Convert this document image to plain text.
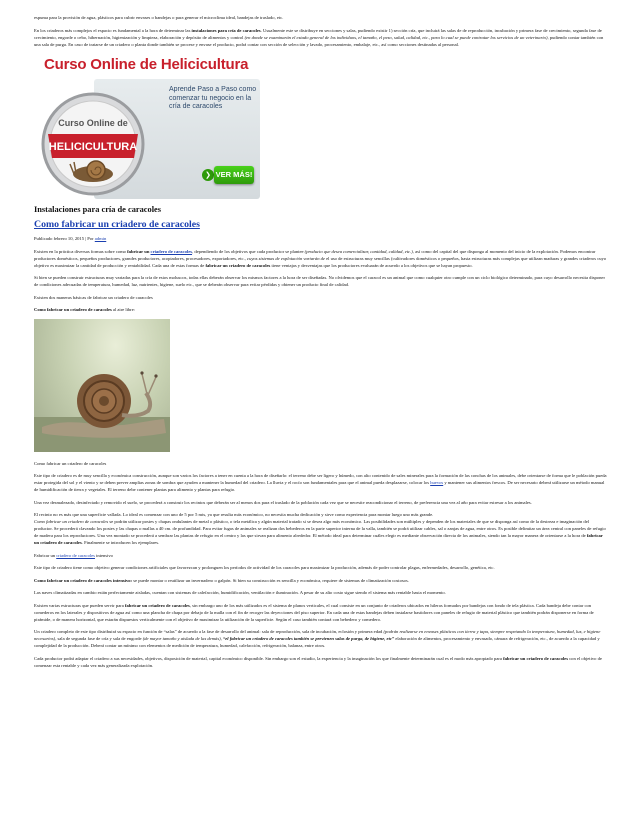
espuma para la provisión de agua, plásticos para cubrir envases o bandejas o para generar el microclima ideal, bandejas de traslado, etc.

En los criaderos más complejos el espacio es fundamental a la hora de determinar las instalaciones para cría de caracoles. Usualmente este se distribuye en secciones y salas, pudiendo existir 1) sección cría, que incluirá las salas de de reproducción, incubación y primera fase de crecimiento, segunda fase de crecimiento, engorde o cebo, hibernación, higienización y limpieza, elaboración y depósito de alimentos y control (en donde se examinarán el estado general de los individuos, el tamaño, el peso, salud, calidad, etc., para lo cual se puede contratar los servicios de un veterinario), pudiendo contar también con una sala de purga. En caso de tratarse de un criadero o planta donde también se procese y envase el producto, podrá contar con sección de selección y lavado, procesamiento, embalaje, etc., así como secciones destinadas al personal.

Curso Online de Helicicultura
Aprende Paso a Paso como comenzar tu negocio en la cría de caracoles
Curso Online de
HELICICULTURA
❯ VER MÁS!
Instalaciones para cría de caracoles
Como fabricar un criadero de caracoles

Publicado febrero 10, 2015 | Por admin

Existen en la práctica diversas formas sobre como fabricar un criadero de caracoles, dependiendo de los objetivos que cada productor se plantee (producto que desea comercializar, cantidad, calidad, etc.), así como del capital del que disponga al momento del inicio de la explotación. Podemos encontrar productores domésticos, pequeños productores, grandes productores, acopiadores, procesadores, exportadores, etc., cuyos sistemas de explotación variarán de el uso de estructuras muy sencillas (cultivadores domésticos o pequeños, hasta estructuras más complejas que utilizan maduras y grandes criaderos cuyo objetivo es maximizar la cantidad de producción y rentabilidad. Cada una de estas formas de fabricar un criadero de caracoles tiene ventajas y desventajas que los productores evaluarán de acuerdo a los objetivos que se hayan propuesto.

Si bien se pueden construir estructuras muy variadas para la cría de estos moluscos, todas ellas deberán observar los mismos factores a la hora de ser diseñadas. No olvidemos que el caracol es un animal que como cualquier otro cumple con un ciclo biológico determinado, para cuyo desarrollo necesita disponer de condiciones adecuadas de temperatura, humedad, luz, nutrientes, higiene, suelo etc., que se deberán observar para evitar pérdidas y obtener un producto final de calidad.

Existen dos maneras básicas de fabricar un criadero de caracoles

Como fabricar un criadero de caracoles al aire libre:

Como fabricar un criadero de caracoles

Este tipo de criadero es de muy sencilla y económica construcción, aunque son varios los factores a tener en cuenta a la hora de diseñarlo: el terreno debe ser ligero y húmedo, con alto contenido de sales minerales para la formación de las conchas de los animales, debe orientarse de forma que le población pueda estar protegida del sol y el viento y se deben prever amplias zonas de sombra que ayuden a mantener la humedad del criadero. La lluvia y el rocío son fundamentales para que el animal pueda desplazarse, colocar los huevos y mantener sus alimentos frescos. De ser necesario deberá utilizarse un método manual de humidificación de tierra y vegetales. El terreno debe contener plantas para alimento y plantas para refugio.

Una vez desmalezado, desinfectado y removido el suelo, se procederá a construir los recintos que deberán ser al menos dos para el traslado de la población cada vez que se necesite reacondicionar el terreno, de preferencia una vez al año para evitar estresar a los animales.

El recinto no es más que una superficie vallada. Lo ideal es comenzar con uno de 5 por 5 mts, ya que resulta más económico, no necesita mucha dedicación y sirve como experiencia para montar luego uno más grande.
Como fabricar un criadero de caracoles se podrán utilizar postes y chapas ondulantes de metal o plástico, o tela metálica y algún material tratado si se desea algo más económico. Las posibilidades son múltiples y dependen de los materiales de que se disponga así como de la destreza e imaginación del productor. Se procederá clavando los postes y las chapas o mallas a 40 cm. de profundidad. Para evitar fugas de animales se realizan dos bebederos en la parte superior interna de la valla, también se podrá utilizar cables, sal o zanjas de agua, entre otros. Es posible delimitar un área central con paneles de refugio de madera para los reproductores. Una vez montado se procederá a sembrar las plantas de refugio en el centro y las que sirvan para alimento alrededor. El método ideal para determinar cuáles elegir es mediante observación directa de los animales, siendo tan la mayor manera de orientarse a la hora de fabricar un criadero de caracoles. Finalmente se introducen los ejemplares.

Fabricar un criadero de caracoles intensivo

Este tipo de criadero tiene como objetivo generar condiciones artificiales que favorezcan y prolonguen los períodos de actividad de los caracoles para maximizar la producción, además de poder controlar plagas, enfermedades, desarrollo, genética, etc.

Como fabricar un criadero de caracoles intensivo: se puede montar o reutilizar un invernadero o galpón. Si bien su construcción es sencilla y económica, requiere de sistemas de climatización costosos.

Las naves climatizadas en cambio están perfectamente aisladas, cuentan con sistemas de calefacción, humidificación, ventilación e iluminación. A pesar de su alto costo sigue siendo el sistema más rentable hasta el momento.

Existen varias estructuras que pueden servir para fabricar un criadero de caracoles, sin embargo uno de los más utilizados es el sistema de planos verticales, el cual consiste en un conjunto de criaderos ubicados en hileras formados por bandejas con fondo de tela plástica. Cada bandeja debe contar con comederos en los laterales y dispositivos de agua así como una plancha de chapa por debajo de la malla con el fin de recoger las deyecciones del piso superior. En cada una de estas bandejas deben instalarse bastidores con paneles de refugio de material plástico que también podrán disponerse en forma de pirámide, o de manera horizontal, que estarán dispuestos verticalmente con el objetivo de maximizar la utilización de la superficie. Según el caso también contará con bebedero y comedero.

Un criadero completo de este tipo distribuirá su espacio en función de “salas” de acuerdo a la fase de desarrollo del animal: sala de reproducción, sala de incubación, eclosión y primera edad (podrán realizarse en envases plásticos con tierra y tapa, siempre respetando la temperatura, humedad, luz, e higiene necesarios), sala de segunda fase de cría y sala de engorde (de mayor tamaño y aislada de las demás), “el fabricar un criadero de caracoles también se previenen salas de purga, de higiene, etc” elaboración de alimentos, procesamiento y envasado, cámara de refrigeración, etc., de acuerdo a la capacidad y complejidad de la producción. Deberá contar un mínimo con elementos de medición de temperatura, humedad, calefacción, refrigeración, balanza, entre otros.

Cada productor podrá adaptar el criadero a sus necesidades, objetivos, disposición de material, capital económico disponible. Sin embargo son el estudio, la experiencia y la imaginación los que finalmente determinarán cual es el modo más apropiado para fabricar un criadero de caracoles con el objetivo de comenzar esta rentable y cada vez más generalizada explotación.
